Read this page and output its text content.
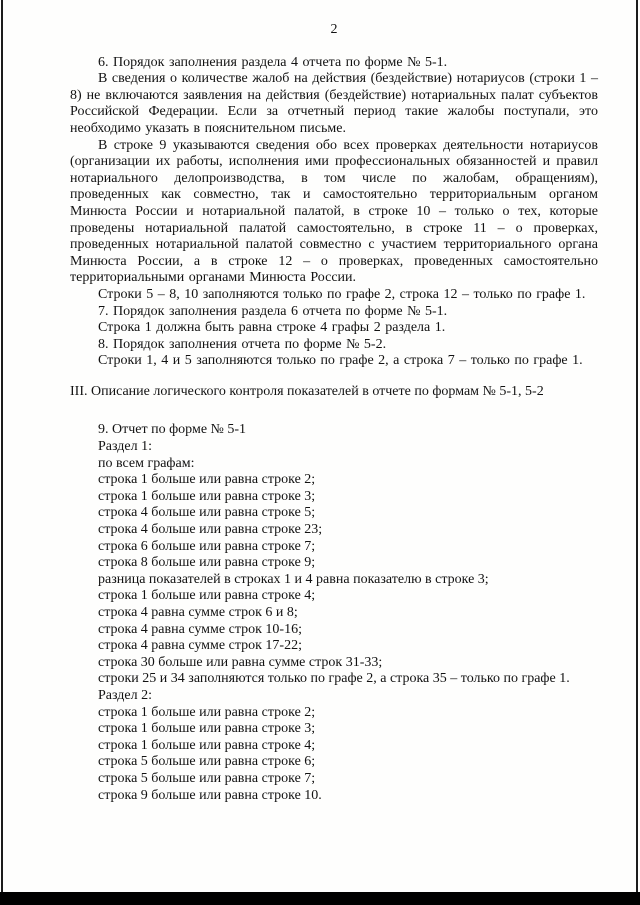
2

6. Порядок заполнения раздела 4 отчета по форме № 5-1.

В сведения о количестве жалоб на действия (бездействие) нотариусов (строки 1 – 8) не включаются заявления на действия (бездействие) нотариальных палат субъектов Российской Федерации. Если за отчетный период такие жалобы поступали, это необходимо указать в пояснительном письме.

В строке 9 указываются сведения обо всех проверках деятельности нотариусов (организации их работы, исполнения ими профессиональных обязанностей и правил нотариального делопроизводства, в том числе по жалобам, обращениям), проведенных как совместно, так и самостоятельно территориальным органом Минюста России и нотариальной палатой, в строке 10 – только о тех, которые проведены нотариальной палатой самостоятельно, в строке 11 – о проверках, проведенных нотариальной палатой совместно с участием территориального органа Минюста России, а в строке 12 – о проверках, проведенных самостоятельно территориальными органами Минюста России.

Строки 5 – 8, 10 заполняются только по графе 2, строка 12 – только по графе 1.

7. Порядок заполнения раздела 6 отчета по форме № 5-1.

Строка 1 должна быть равна строке 4 графы 2 раздела 1.

8. Порядок заполнения отчета по форме № 5-2.

Строки 1, 4 и 5 заполняются только по графе 2, а строка 7 – только по графе 1.

III. Описание логического контроля показателей в отчете по формам № 5-1, 5-2
9. Отчет по форме № 5-1
Раздел 1:
по всем графам:
строка 1 больше или равна строке 2;
строка 1 больше или равна строке 3;
строка 4 больше или равна строке 5;
строка 4 больше или равна строке 23;
строка 6 больше или равна строке 7;
строка 8 больше или равна строке 9;
разница показателей в строках 1 и 4 равна показателю в строке 3;
строка 1 больше или равна строке 4;
строка 4 равна сумме строк 6 и 8;
строка 4 равна сумме строк 10-16;
строка 4 равна сумме строк 17-22;
строка 30 больше или равна сумме строк 31-33;
строки 25 и 34 заполняются только по графе 2, а строка 35 – только по графе 1.
Раздел 2:
строка 1 больше или равна строке 2;
строка 1 больше или равна строке 3;
строка 1 больше или равна строке 4;
строка 5 больше или равна строке 6;
строка 5 больше или равна строке 7;
строка 9 больше или равна строке 10.
